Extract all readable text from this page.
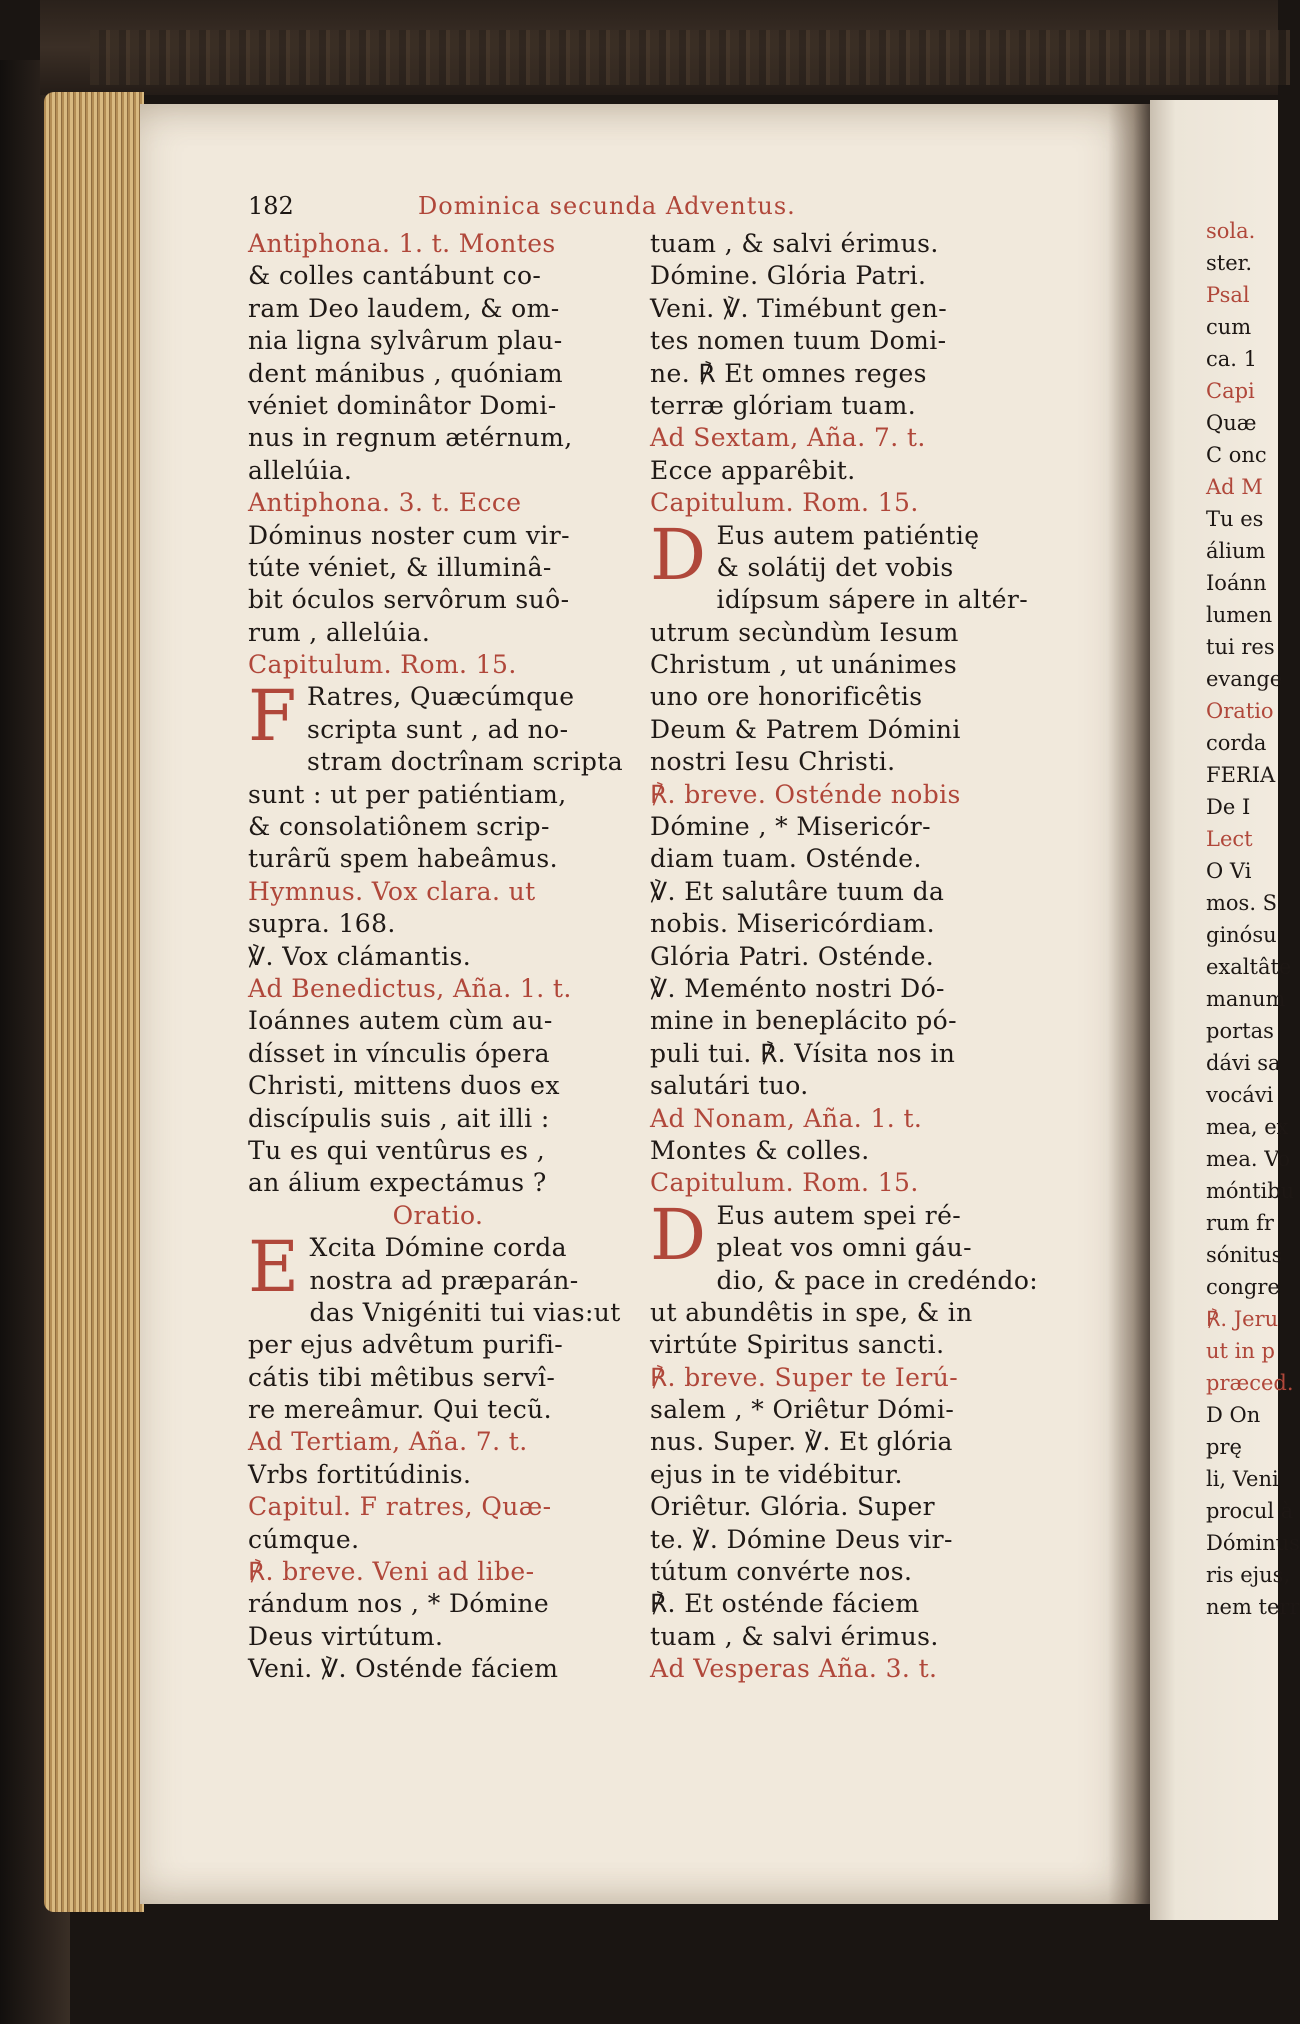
sola.
ster.
Psal
cum
ca. 1
Capi
Quæ
C onc
Ad M
Tu es
álium
Ioánn
lumen
tui res
evange
Oratio
corda
FERIA
De I
Lect
O Vi
mos. S
ginósu
exaltâte
manum
portas
dávi sa
vocávi
mea, ex
mea. Vo
móntibu
rum fr
sónitus
congre
℟. Jeru
ut in p
præced.
D On
prę
li, Veni
procul à
Dóminus
ris ejus,
nem terr
182	Dominica secunda Adventus.
Antiphona. 1. t. Montes
& colles cantábunt co-
ram Deo laudem, & om-
nia ligna sylvârum plau-
dent mánibus , quóniam
véniet dominâtor Domi-
nus in regnum ætérnum,
allelúia.
Antiphona. 3. t. Ecce
Dóminus noster cum vir-
túte véniet, & illuminâ-
bit óculos servôrum suô-
rum , allelúia.
Capitulum. Rom. 15.
F Ratres, Quæcúmque
scripta sunt , ad no-
stram doctrînam scripta
sunt : ut per patiéntiam,
& consolatiônem scrip-
turârũ spem habeâmus.
Hymnus. Vox clara. ut
supra. 168.
℣. Vox clámantis.
Ad Benedictus, Aña. 1. t.
Ioánnes autem cùm au-
dísset in vínculis ópera
Christi, mittens duos ex
discípulis suis , ait illi :
Tu es qui ventûrus es ,
an álium expectámus ?
Oratio.
E Xcita Dómine corda
nostra ad præparán-
das Vnigéniti tui vias:ut
per ejus advêtum purifi-
cátis tibi mêtibus servî-
re mereâmur. Qui tecũ.
Ad Tertiam, Aña. 7. t.
Vrbs fortitúdinis.
Capitul. F ratres, Quæ-
cúmque.
℟. breve. Veni ad libe-
rándum nos , * Dómine
Deus virtútum.
Veni. ℣. Osténde fáciem
tuam , & salvi érimus.
Dómine. Glória Patri.
Veni. ℣. Timébunt gen-
tes nomen tuum Domi-
ne. ℟ Et omnes reges
terræ glóriam tuam.
Ad Sextam, Aña. 7. t.
Ecce apparêbit.
Capitulum. Rom. 15.
D Eus autem patiéntię
& solátij det vobis
idípsum sápere in altér-
utrum secùndùm Iesum
Christum , ut unánimes
uno ore honorificêtis
Deum & Patrem Dómini
nostri Iesu Christi.
℟. breve. Osténde nobis
Dómine , * Misericór-
diam tuam. Osténde.
℣. Et salutâre tuum da
nobis. Misericórdiam.
Glória Patri. Osténde.
℣. Meménto nostri Dó-
mine in beneplácito pó-
puli tui. ℟. Vísita nos in
salutári tuo.
Ad Nonam, Aña. 1. t.
Montes & colles.
Capitulum. Rom. 15.
D Eus autem spei ré-
pleat vos omni gáu-
dio, & pace in credéndo:
ut abundêtis in spe, & in
virtúte Spiritus sancti.
℟. breve. Super te Ierú-
salem , * Oriêtur Dómi-
nus. Super. ℣. Et glória
ejus in te vidébitur.
Oriêtur. Glória. Super
te. ℣. Dómine Deus vir-
tútum convérte nos.
℟. Et osténde fáciem
tuam , & salvi érimus.
Ad Vesperas Aña. 3. t.
